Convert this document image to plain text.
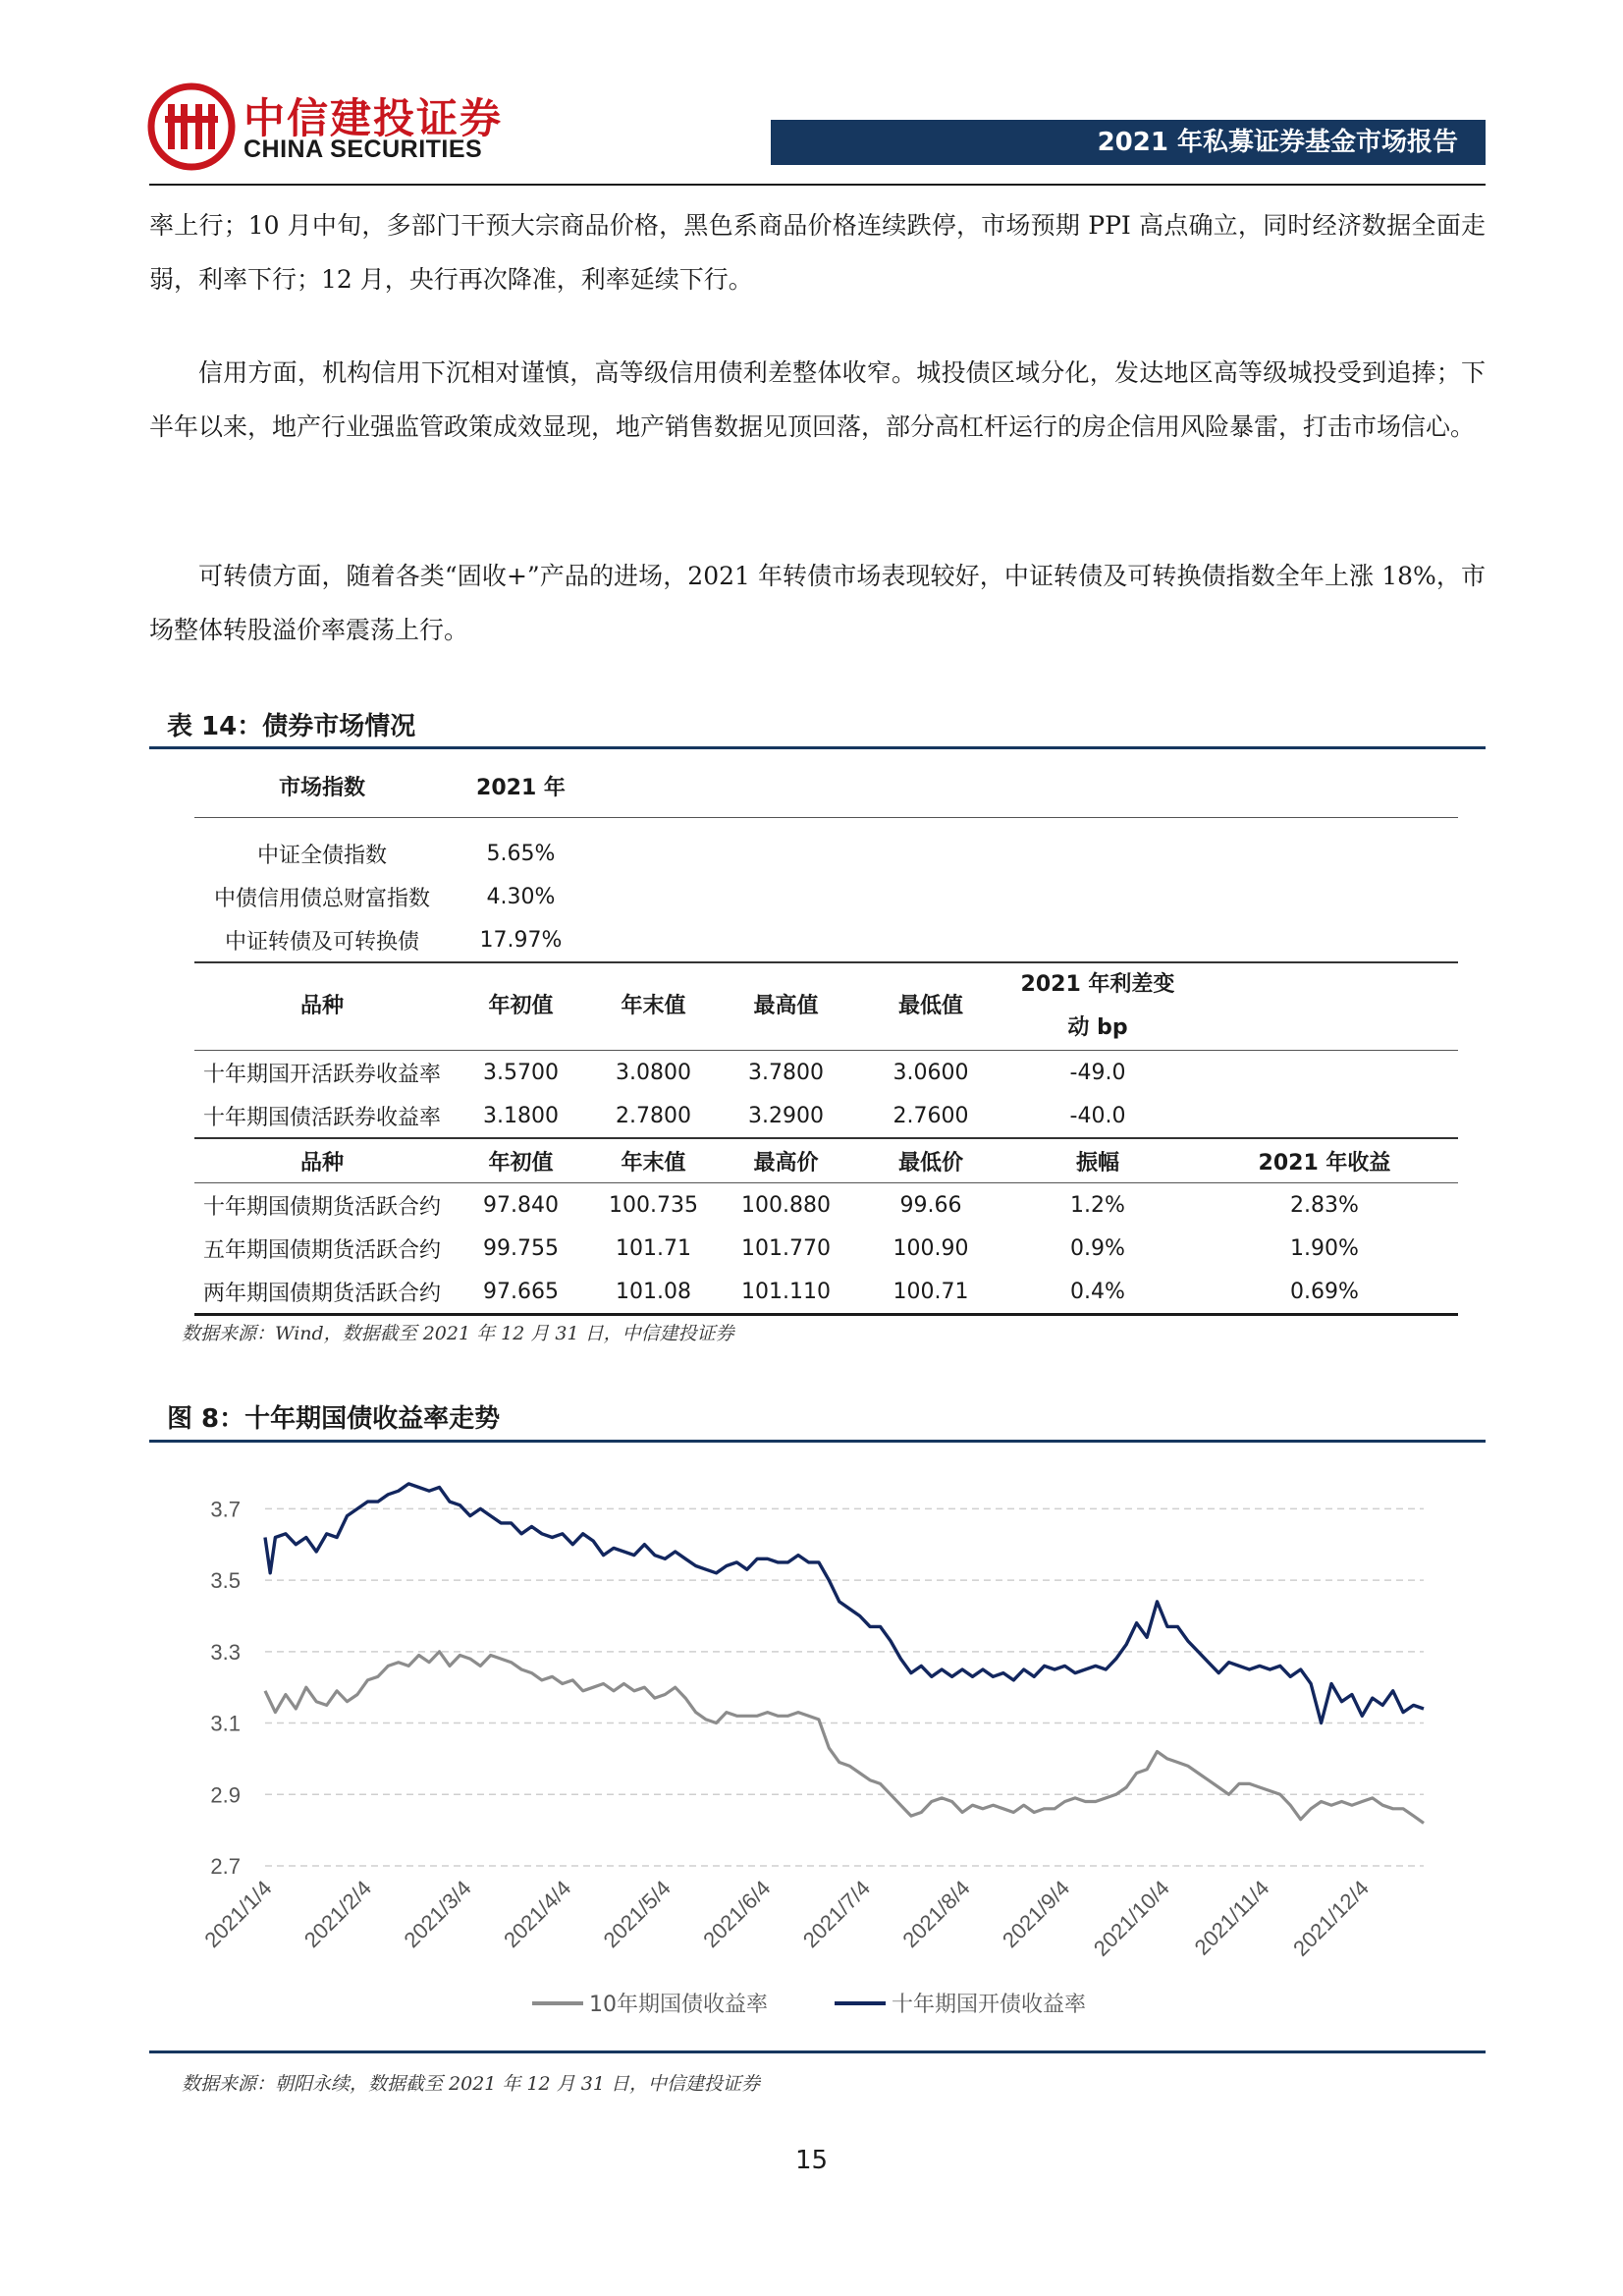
中信建投证券
CHINA SECURITIES	2021 年私募证券基金市场报告
率上行；10 月中旬，多部门干预大宗商品价格，黑色系商品价格连续跌停，市场预期 PPI 高点确立，同时经济数据全面走弱，利率下行；12 月，央行再次降准，利率延续下行。
信用方面，机构信用下沉相对谨慎，高等级信用债利差整体收窄。城投债区域分化，发达地区高等级城投受到追捧；下半年以来，地产行业强监管政策成效显现，地产销售数据见顶回落，部分高杠杆运行的房企信用风险暴雷，打击市场信心。
可转债方面，随着各类“固收+”产品的进场，2021 年转债市场表现较好，中证转债及可转换债指数全年上涨 18%，市场整体转股溢价率震荡上行。
表 14：债券市场情况
市场指数	2021 年					
中证全债指数	5.65%					
中债信用债总财富指数	4.30%					
中证转债及可转换债	17.97%					
品种	年初值	年末值	最高值	最低值	2021 年利差变
动 bp	
十年期国开活跃券收益率	3.5700	3.0800	3.7800	3.0600	-49.0	
十年期国债活跃券收益率	3.1800	2.7800	3.2900	2.7600	-40.0	
品种	年初值	年末值	最高价	最低价	振幅	2021 年收益
十年期国债期货活跃合约	97.840	100.735	100.880	99.66	1.2%	2.83%
五年期国债期货活跃合约	99.755	101.71	101.770	100.90	0.9%	1.90%
两年期国债期货活跃合约	97.665	101.08	101.110	100.71	0.4%	0.69%
数据来源：Wind，数据截至 2021 年 12 月 31 日，中信建投证券
图 8：十年期国债收益率走势
2.7
2.9
3.1
3.3
3.5
3.7
2021/1/4 2021/2/4 2021/3/4 2021/4/4 2021/5/4 2021/6/4 2021/7/4 2021/8/4 2021/9/4 2021/10/4 2021/11/4 2021/12/4
10年期国债收益率	十年期国开债收益率
数据来源：朝阳永续，数据截至 2021 年 12 月 31 日，中信建投证券
15
